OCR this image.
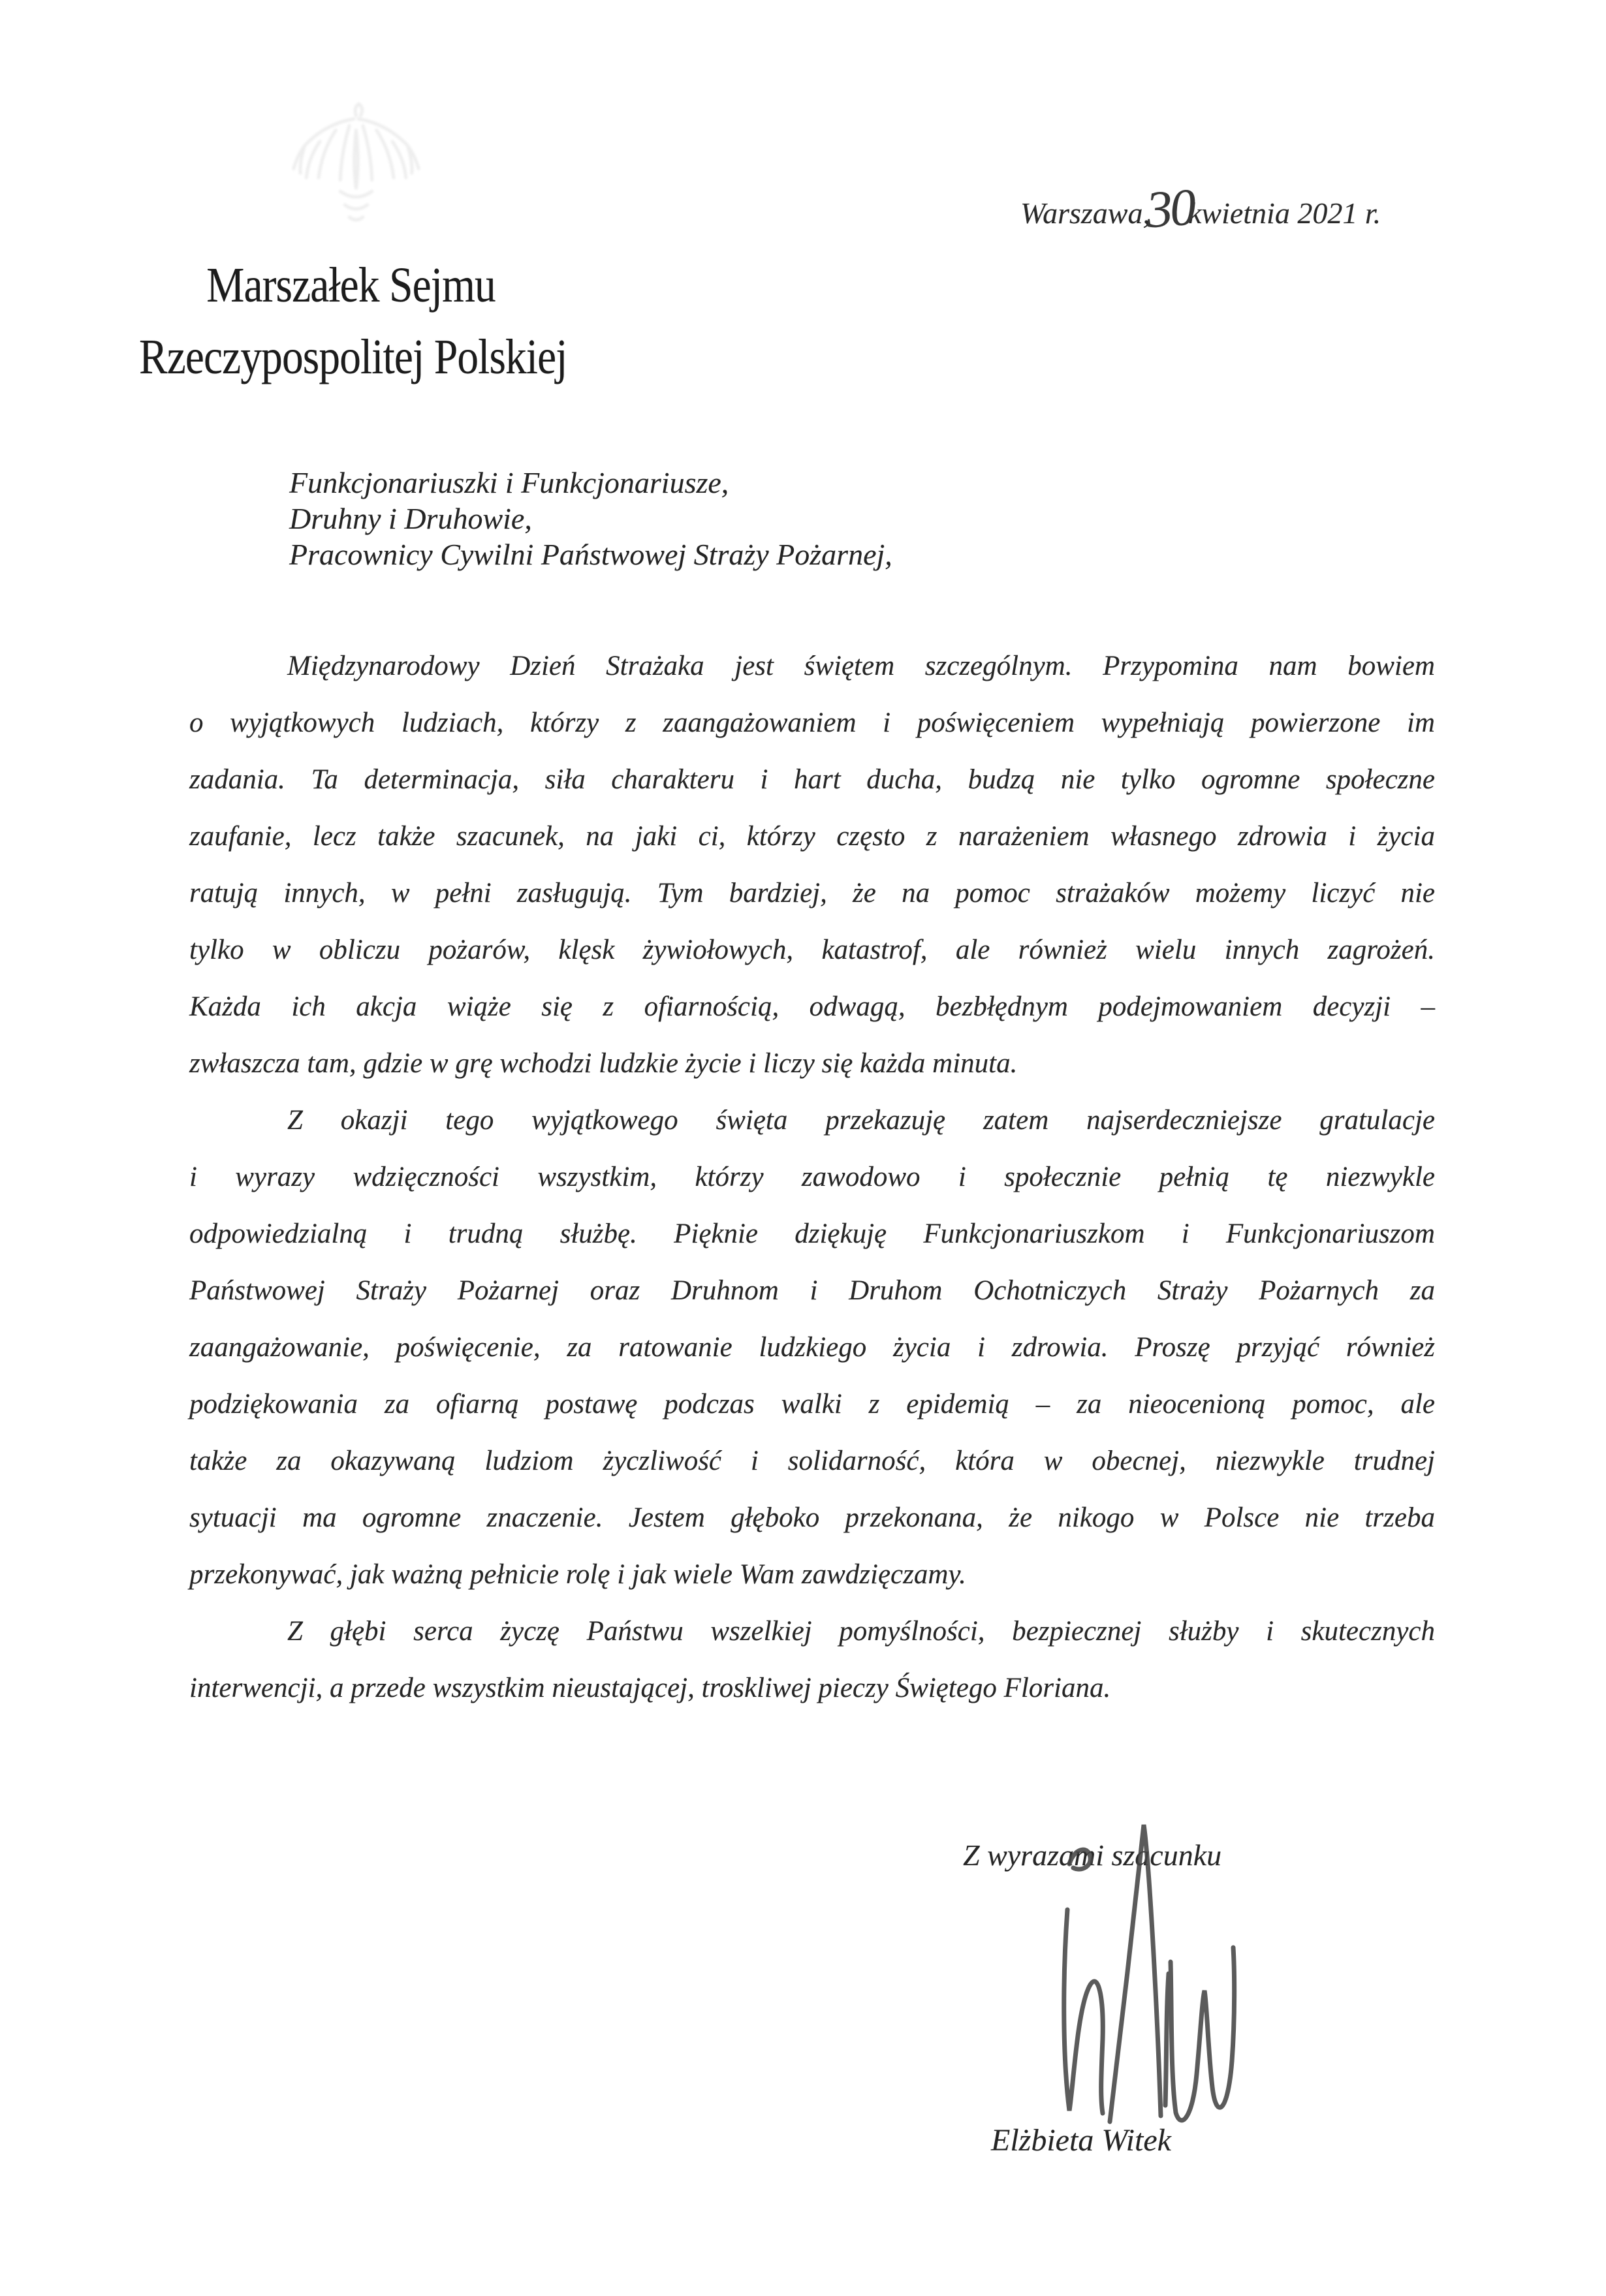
Warszawa,
30
kwietnia 2021 r.
Marszałek Sejmu
Rzeczypospolitej Polskiej
Funkcjonariuszki i Funkcjonariusze,
Druhny i Druhowie,
Pracownicy Cywilni Państwowej Straży Pożarnej,
Międzynarodowy Dzień Strażaka jest świętem szczególnym. Przypomina nam bowiem
o wyjątkowych ludziach, którzy z zaangażowaniem i poświęceniem wypełniają powierzone im
zadania. Ta determinacja, siła charakteru i hart ducha, budzą nie tylko ogromne społeczne
zaufanie, lecz także szacunek, na jaki ci, którzy często z narażeniem własnego zdrowia i życia
ratują innych, w pełni zasługują. Tym bardziej, że na pomoc strażaków możemy liczyć nie
tylko w obliczu pożarów, klęsk żywiołowych, katastrof, ale również wielu innych zagrożeń.
Każda ich akcja wiąże się z ofiarnością, odwagą, bezbłędnym podejmowaniem decyzji –
zwłaszcza tam, gdzie w grę wchodzi ludzkie życie i liczy się każda minuta.
Z okazji tego wyjątkowego święta przekazuję zatem najserdeczniejsze gratulacje
i wyrazy wdzięczności wszystkim, którzy zawodowo i społecznie pełnią tę niezwykle
odpowiedzialną i trudną służbę. Pięknie dziękuję Funkcjonariuszkom i Funkcjonariuszom
Państwowej Straży Pożarnej oraz Druhnom i Druhom Ochotniczych Straży Pożarnych za
zaangażowanie, poświęcenie, za ratowanie ludzkiego życia i zdrowia. Proszę przyjąć również
podziękowania za ofiarną postawę podczas walki z epidemią – za nieocenioną pomoc, ale
także za okazywaną ludziom życzliwość i solidarność, która w obecnej, niezwykle trudnej
sytuacji ma ogromne znaczenie. Jestem głęboko przekonana, że nikogo w Polsce nie trzeba
przekonywać, jak ważną pełnicie rolę i jak wiele Wam zawdzięczamy.
Z głębi serca życzę Państwu wszelkiej pomyślności, bezpiecznej służby i skutecznych
interwencji, a przede wszystkim nieustającej, troskliwej pieczy Świętego Floriana.
Z wyrazami szacunku
Elżbieta Witek
